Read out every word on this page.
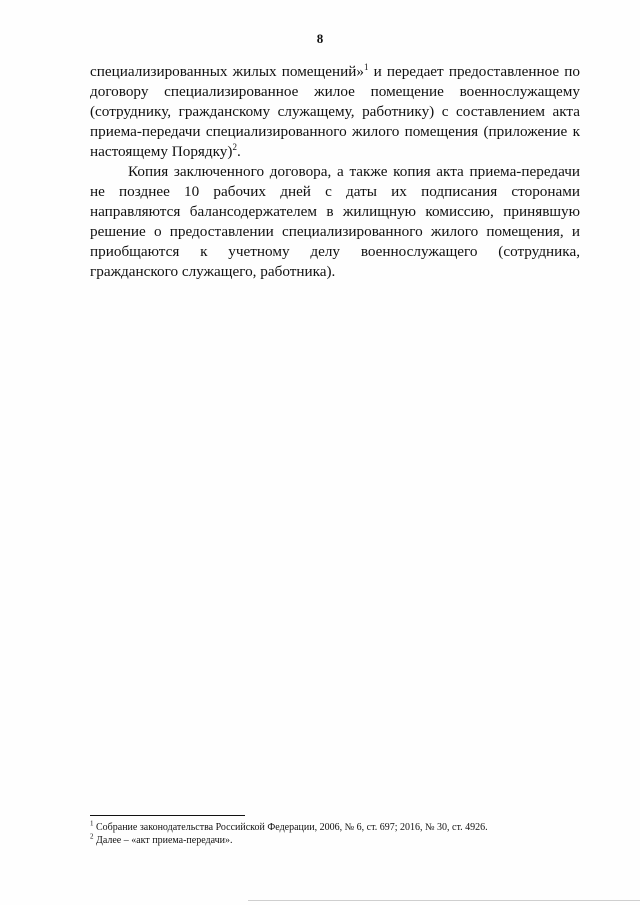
8

специализированных жилых помещений»$^1$ и передает предоставленное по договору специализированное жилое помещение военнослужащему (сотруднику, гражданскому служащему, работнику) с составлением акта приема-передачи специализированного жилого помещения (приложение к настоящему Порядку)$^2$.

Копия заключенного договора, а также копия акта приема-передачи не позднее 10 рабочих дней с даты их подписания сторонами направляются балансодержателем в жилищную комиссию, принявшую решение о предоставлении специализированного жилого помещения, и приобщаются к учетному делу военнослужащего (сотрудника, гражданского служащего, работника).

$^1$ Собрание законодательства Российской Федерации, 2006, № 6, ст. 697; 2016, № 30, ст. 4926.
$^2$ Далее – «акт приема-передачи».
